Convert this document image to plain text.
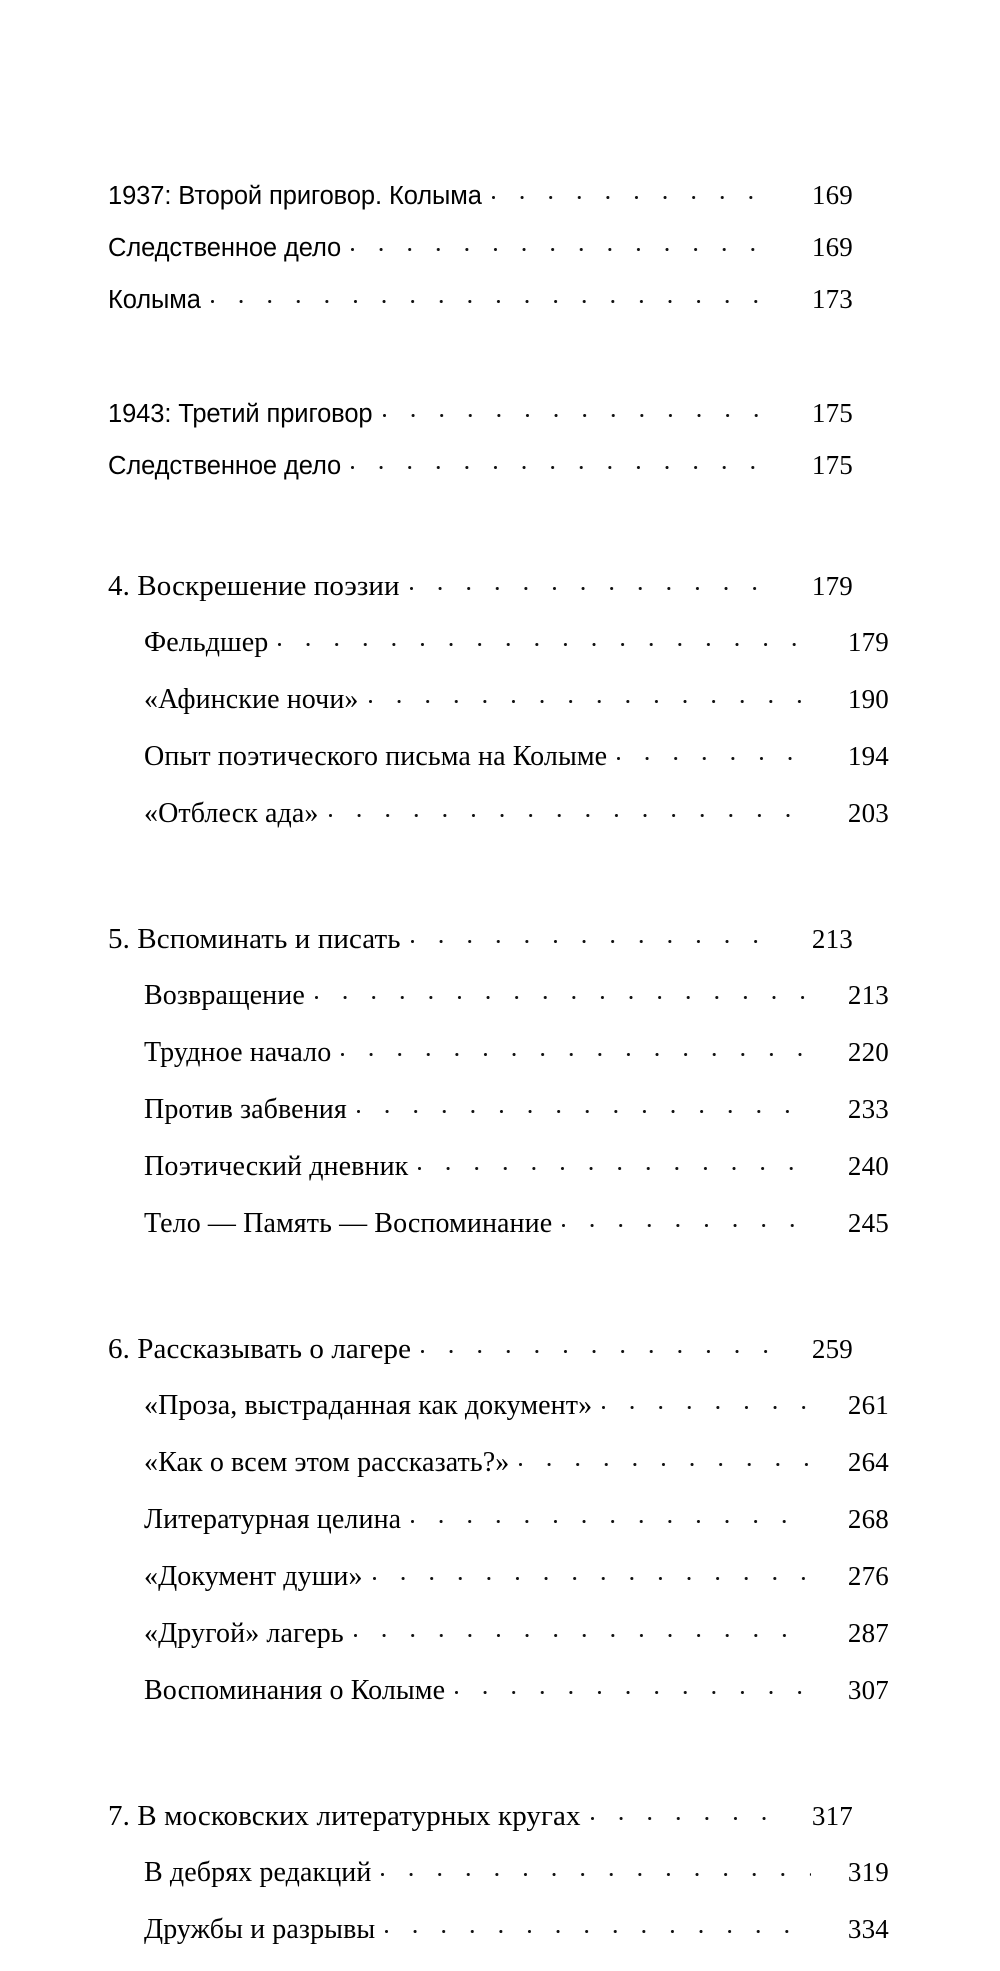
1937: Второй приговор. Колыма	169
Следственное дело	169
Колыма	173
1943: Третий приговор	175
Следственное дело	175
4. Воскрешение поэзии	179
Фельдшер	179
«Афинские ночи»	190
Опыт поэтического письма на Колыме	194
«Отблеск ада»	203
5. Вспоминать и писать	213
Возвращение	213
Трудное начало	220
Против забвения	233
Поэтический дневник	240
Тело — Память — Воспоминание	245
6. Рассказывать о лагере	259
«Проза, выстраданная как документ»	261
«Как о всем этом рассказать?»	264
Литературная целина	268
«Документ души»	276
«Другой» лагерь	287
Воспоминания о Колыме	307
7. В московских литературных кругах	317
В дебрях редакций	319
Дружбы и разрывы	334
